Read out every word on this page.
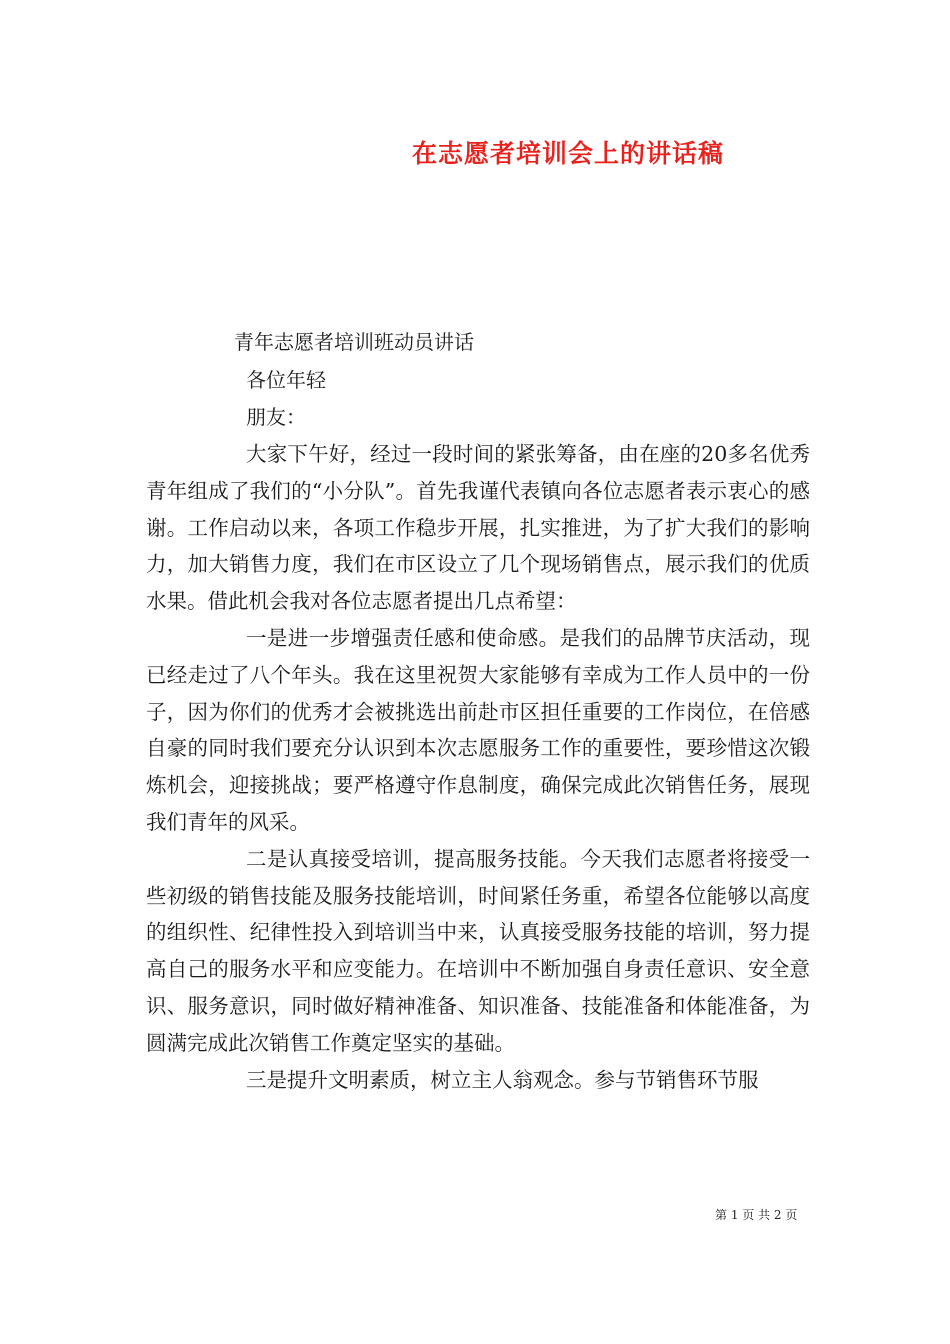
在志愿者培训会上的讲话稿
青年志愿者培训班动员讲话
各位年轻
朋友：

大家下午好，经过一段时间的紧张筹备，由在座的20多名优秀青年组成了我们的“小分队”。首先我谨代表镇向各位志愿者表示衷心的感谢。工作启动以来，各项工作稳步开展，扎实推进，为了扩大我们的影响力，加大销售力度，我们在市区设立了几个现场销售点，展示我们的优质水果。借此机会我对各位志愿者提出几点希望：

一是进一步增强责任感和使命感。是我们的品牌节庆活动，现已经走过了八个年头。我在这里祝贺大家能够有幸成为工作人员中的一份子，因为你们的优秀才会被挑选出前赴市区担任重要的工作岗位，在倍感自豪的同时我们要充分认识到本次志愿服务工作的重要性，要珍惜这次锻炼机会，迎接挑战；要严格遵守作息制度，确保完成此次销售任务，展现我们青年的风采。

二是认真接受培训，提高服务技能。今天我们志愿者将接受一些初级的销售技能及服务技能培训，时间紧任务重，希望各位能够以高度的组织性、纪律性投入到培训当中来，认真接受服务技能的培训，努力提高自己的服务水平和应变能力。在培训中不断加强自身责任意识、安全意识、服务意识，同时做好精神准备、知识准备、技能准备和体能准备，为圆满完成此次销售工作奠定坚实的基础。

三是提升文明素质，树立主人翁观念。参与节销售环节服

第 1 页 共 2 页
